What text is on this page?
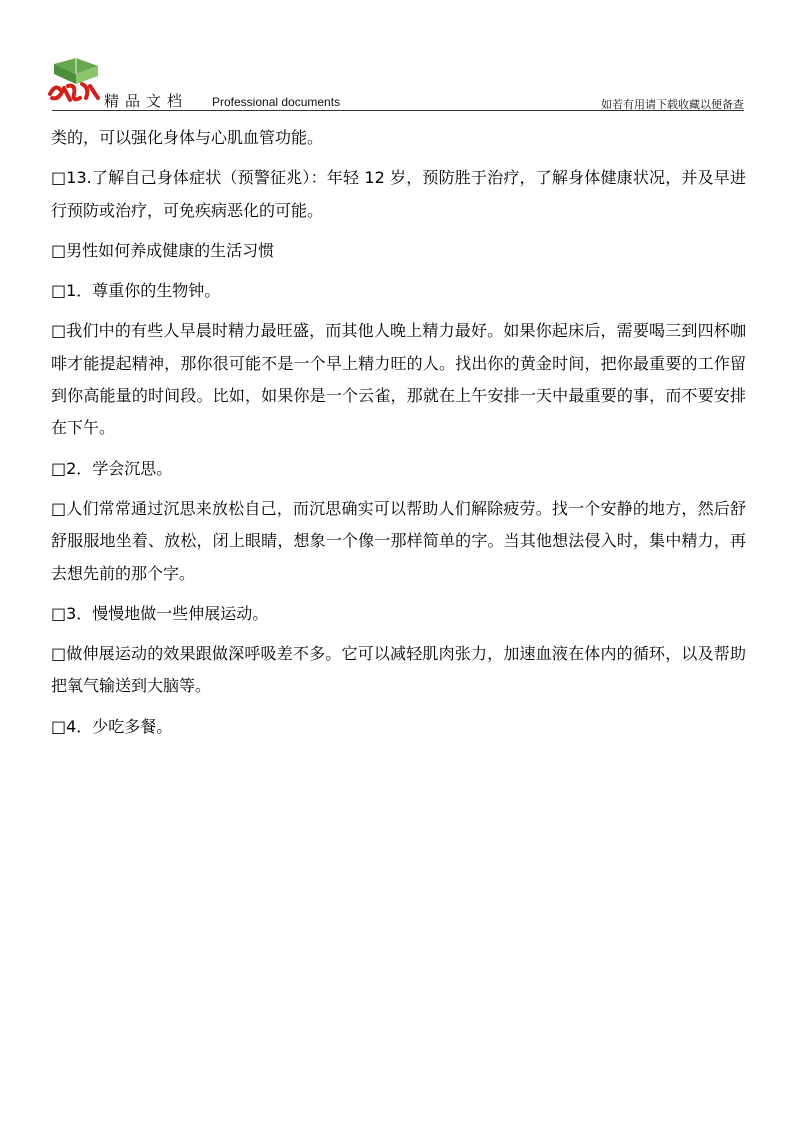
精品文档 Professional documents	如若有用请下载收藏以便备查

类的，可以强化身体与心肌血管功能。

□13.了解自己身体症状（预警征兆）：年轻 12 岁，预防胜于治疗，了解身体健康状况，并及早进行预防或治疗，可免疾病恶化的可能。

□男性如何养成健康的生活习惯

□1．尊重你的生物钟。

□我们中的有些人早晨时精力最旺盛，而其他人晚上精力最好。如果你起床后，需要喝三到四杯咖啡才能提起精神，那你很可能不是一个早上精力旺的人。找出你的黄金时间，把你最重要的工作留到你高能量的时间段。比如，如果你是一个云雀，那就在上午安排一天中最重要的事，而不要安排在下午。

□2．学会沉思。

□人们常常通过沉思来放松自己，而沉思确实可以帮助人们解除疲劳。找一个安静的地方，然后舒舒服服地坐着、放松，闭上眼睛，想象一个像一那样简单的字。当其他想法侵入时，集中精力，再去想先前的那个字。

□3．慢慢地做一些伸展运动。

□做伸展运动的效果跟做深呼吸差不多。它可以减轻肌肉张力，加速血液在体内的循环，以及帮助把氧气输送到大脑等。

□4．少吃多餐。
